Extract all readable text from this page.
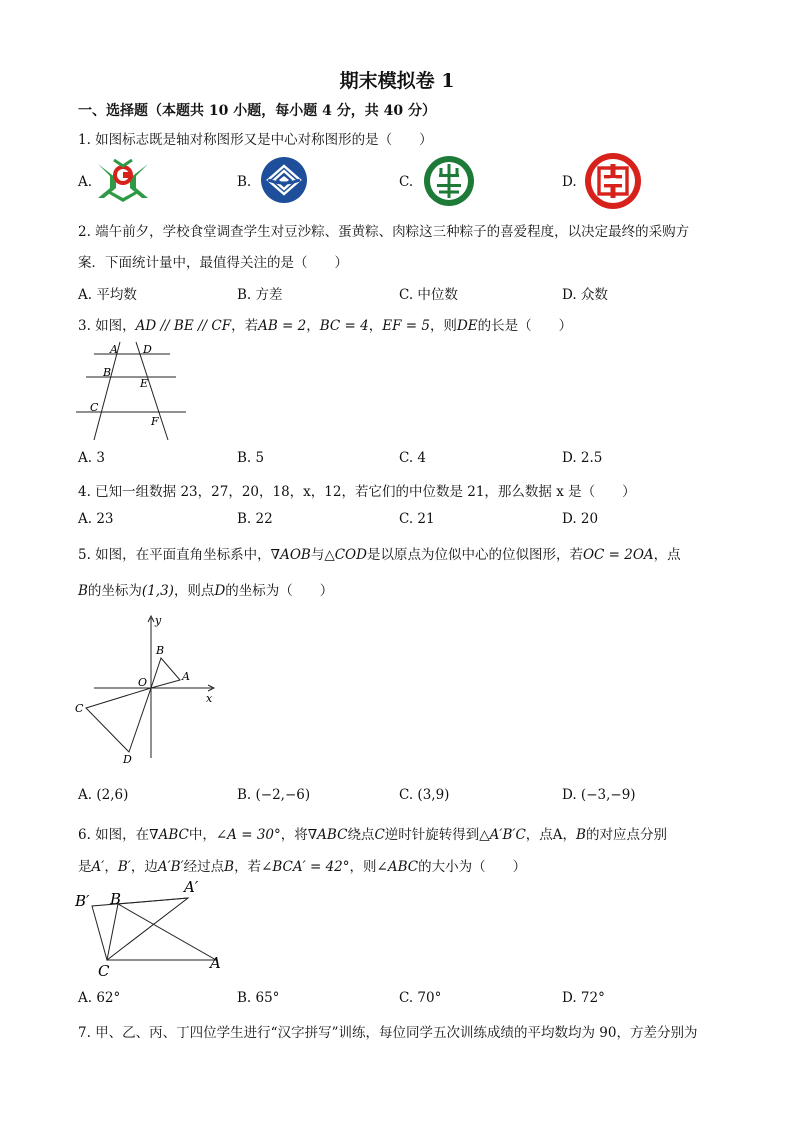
期末模拟卷 1
一、选择题（本题共 10 小题，每小题 4 分，共 40 分）
1. 如图标志既是轴对称图形又是中心对称图形的是（　　）
A.	B.	C.	D.
2. 端午前夕，学校食堂调查学生对豆沙粽、蛋黄粽、肉粽这三种粽子的喜爱程度，以决定最终的采购方
案．下面统计量中，最值得关注的是（　　）
A. 平均数	B. 方差	C. 中位数	D. 众数
3. 如图，AD // BE // CF，若AB = 2，BC = 4，EF = 5，则DE的长是（　　）
A D
B
E
C
F
A. 3	B. 5	C. 4	D. 2.5
4. 已知一组数据 23，27，20，18，x，12，若它们的中位数是 21，那么数据 x 是（　　）
A. 23	B. 22	C. 21	D. 20
5. 如图，在平面直角坐标系中，∇AOB与△COD是以原点为位似中心的位似图形，若OC = 2OA，点
B的坐标为(1,3)，则点D的坐标为（　　）
y
B
A
O
x
C
D
A. (2,6)	B. (−2,−6)	C. (3,9)	D. (−3,−9)
6. 如图，在∇ABC中，∠A = 30°，将∇ABC绕点C逆时针旋转得到△A′B′C，点A，B的对应点分别
是A′，B′，边A′B′经过点B，若∠BCA′ = 42°，则∠ABC的大小为（　　）
B′ B
A′
C	A
A. 62°	B. 65°	C. 70°	D. 72°
7. 甲、乙、丙、丁四位学生进行“汉字拼写”训练，每位同学五次训练成绩的平均数均为 90，方差分别为
